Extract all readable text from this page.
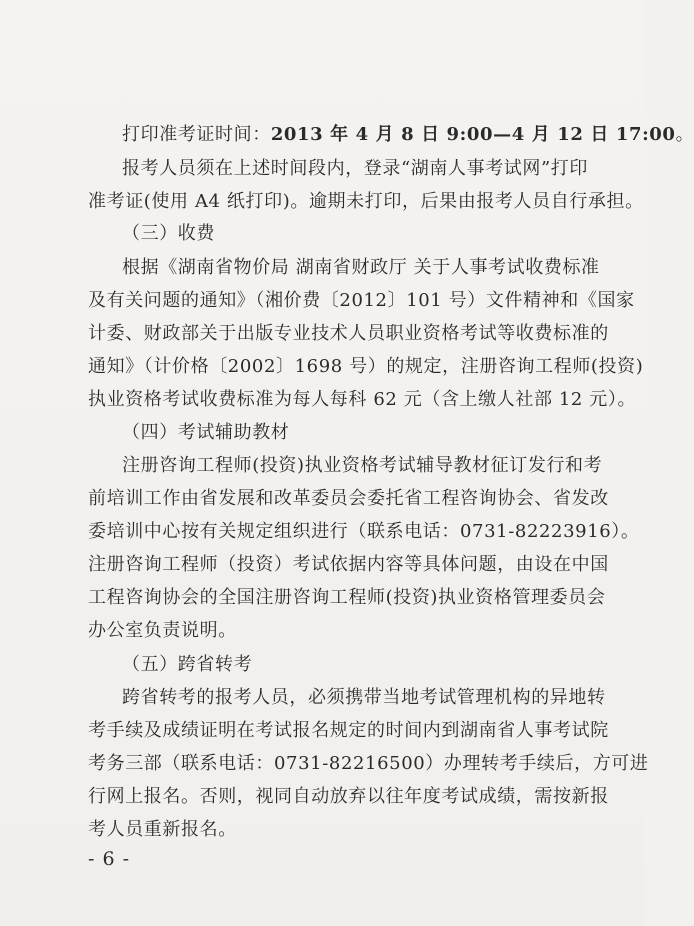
打印准考证时间：2013 年 4 月 8 日 9:00—4 月 12 日 17:00。
报考人员须在上述时间段内，登录“湖南人事考试网”打印
准考证(使用 A4 纸打印)。逾期未打印，后果由报考人员自行承担。
（三）收费
根据《湖南省物价局 湖南省财政厅 关于人事考试收费标准
及有关问题的通知》（湘价费〔2012〕101 号）文件精神和《国家
计委、财政部关于出版专业技术人员职业资格考试等收费标准的
通知》（计价格〔2002〕1698 号）的规定，注册咨询工程师(投资)
执业资格考试收费标准为每人每科 62 元（含上缴人社部 12 元）。
（四）考试辅助教材
注册咨询工程师(投资)执业资格考试辅导教材征订发行和考
前培训工作由省发展和改革委员会委托省工程咨询协会、省发改
委培训中心按有关规定组织进行（联系电话：0731-82223916）。
注册咨询工程师（投资）考试依据内容等具体问题，由设在中国
工程咨询协会的全国注册咨询工程师(投资)执业资格管理委员会
办公室负责说明。
（五）跨省转考
跨省转考的报考人员，必须携带当地考试管理机构的异地转
考手续及成绩证明在考试报名规定的时间内到湖南省人事考试院
考务三部（联系电话：0731-82216500）办理转考手续后，方可进
行网上报名。否则，视同自动放弃以往年度考试成绩，需按新报
考人员重新报名。
- 6 -
